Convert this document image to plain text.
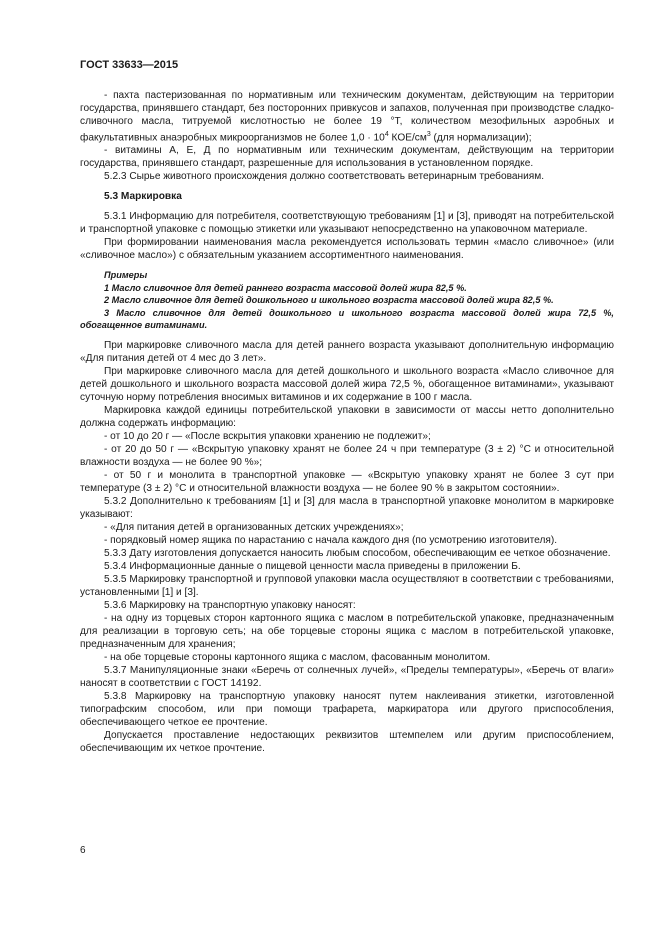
ГОСТ 33633—2015

- пахта пастеризованная по нормативным или техническим документам, действующим на территории государства, принявшего стандарт, без посторонних привкусов и запахов, полученная при производстве сладко-сливочного масла, титруемой кислотностью не более 19 °Т, количеством мезофильных аэробных и факультативных анаэробных микроорганизмов не более $1,0 \cdot 10^4$ КОЕ/$см^3$ (для нормализации);

- витамины А, Е, Д по нормативным или техническим документам, действующим на территории государства, принявшего стандарт, разрешенные для использования в установленном порядке.

5.2.3 Сырье животного происхождения должно соответствовать ветеринарным требованиям.

5.3 Маркировка

5.3.1 Информацию для потребителя, соответствующую требованиям [1] и [3], приводят на потребительской и транспортной упаковке с помощью этикетки или указывают непосредственно на упаковочном материале.

При формировании наименования масла рекомендуется использовать термин «масло сливочное» (или «сливочное масло») с обязательным указанием ассортиментного наименования.

Примеры

1 Масло сливочное для детей раннего возраста массовой долей жира 82,5 %.

2 Масло сливочное для детей дошкольного и школьного возраста массовой долей жира 82,5 %.

3 Масло сливочное для детей дошкольного и школьного возраста массовой долей жира 72,5 %, обогащенное витаминами.

При маркировке сливочного масла для детей раннего возраста указывают дополнительную информацию «Для питания детей от 4 мес до 3 лет».

При маркировке сливочного масла для детей дошкольного и школьного возраста «Масло сливочное для детей дошкольного и школьного возраста массовой долей жира 72,5 %, обогащенное витаминами», указывают суточную норму потребления вносимых витаминов и их содержание в 100 г масла.

Маркировка каждой единицы потребительской упаковки в зависимости от массы нетто дополнительно должна содержать информацию:

- от 10 до 20 г — «После вскрытия упаковки хранению не подлежит»;

- от 20 до 50 г — «Вскрытую упаковку хранят не более 24 ч при температуре (3 ± 2) °С и относительной влажности воздуха — не более 90 %»;

- от 50 г и монолита в транспортной упаковке — «Вскрытую упаковку хранят не более 3 сут при температуре (3 ± 2) °С и относительной влажности воздуха — не более 90 % в закрытом состоянии».

5.3.2 Дополнительно к требованиям [1] и [3] для масла в транспортной упаковке монолитом в маркировке указывают:

- «Для питания детей в организованных детских учреждениях»;

- порядковый номер ящика по нарастанию с начала каждого дня (по усмотрению изготовителя).

5.3.3 Дату изготовления допускается наносить любым способом, обеспечивающим ее четкое обозначение.

5.3.4 Информационные данные о пищевой ценности масла приведены в приложении Б.

5.3.5 Маркировку транспортной и групповой упаковки масла осуществляют в соответствии с требованиями, установленными [1] и [3].

5.3.6 Маркировку на транспортную упаковку наносят:

- на одну из торцевых сторон картонного ящика с маслом в потребительской упаковке, предназначенным для реализации в торговую сеть; на обе торцевые стороны ящика с маслом в потребительской упаковке, предназначенным для хранения;

- на обе торцевые стороны картонного ящика с маслом, фасованным монолитом.

5.3.7 Манипуляционные знаки «Беречь от солнечных лучей», «Пределы температуры», «Беречь от влаги» наносят в соответствии с ГОСТ 14192.

5.3.8 Маркировку на транспортную упаковку наносят путем наклеивания этикетки, изготовленной типографским способом, или при помощи трафарета, маркиратора или другого приспособления, обеспечивающего четкое ее прочтение.

Допускается проставление недостающих реквизитов штемпелем или другим приспособлением, обеспечивающим их четкое прочтение.

6
